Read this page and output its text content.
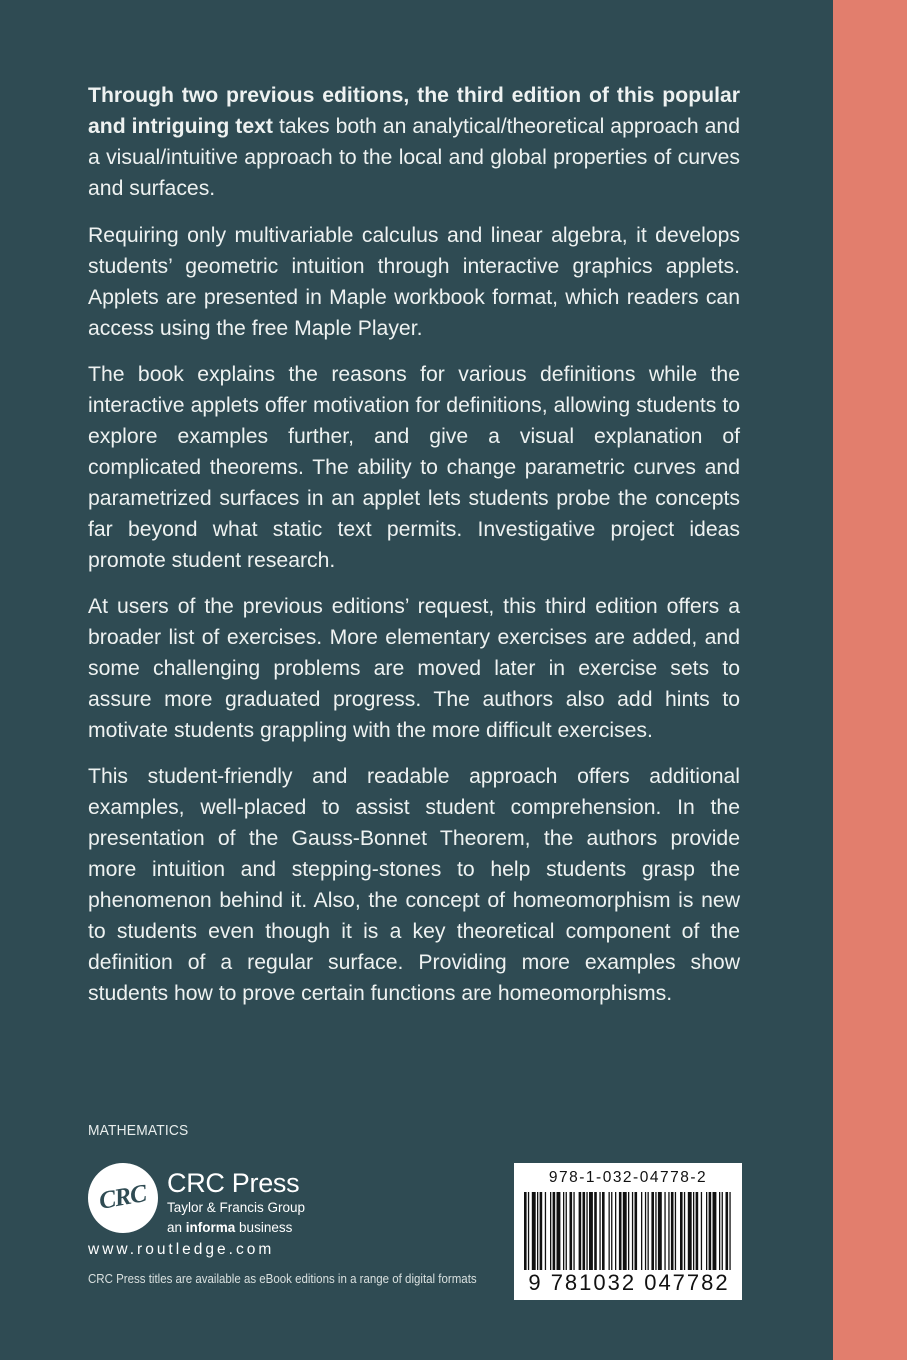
Through two previous editions, the third edition of this popular and intriguing text takes both an analytical/theoretical approach and a visual/intuitive approach to the local and global properties of curves and surfaces.

Requiring only multivariable calculus and linear algebra, it develops students’ geometric intuition through interactive graphics applets. Applets are presented in Maple workbook format, which readers can access using the free Maple Player.

The book explains the reasons for various definitions while the interactive applets offer motivation for definitions, allowing students to explore examples further, and give a visual explanation of complicated theorems. The ability to change parametric curves and parametrized surfaces in an applet lets students probe the concepts far beyond what static text permits. Investigative project ideas promote student research.

At users of the previous editions’ request, this third edition offers a broader list of exercises. More elementary exercises are added, and some challenging problems are moved later in exercise sets to assure more graduated progress. The authors also add hints to motivate students grappling with the more difficult exercises.

This student-friendly and readable approach offers additional examples, well-placed to assist student comprehension. In the presentation of the Gauss-Bonnet Theorem, the authors provide more intuition and stepping-stones to help students grasp the phenomenon behind it. Also, the concept of homeomorphism is new to students even though it is a key theoretical component of the definition of a regular surface. Providing more examples show students how to prove certain functions are homeomorphisms.

MATHEMATICS
CRC CRC Press
Taylor & Francis Group
an informa business
www.routledge.com
CRC Press titles are available as eBook editions in a range of digital formats
978-1-032-04778-2
9 781032 047782
